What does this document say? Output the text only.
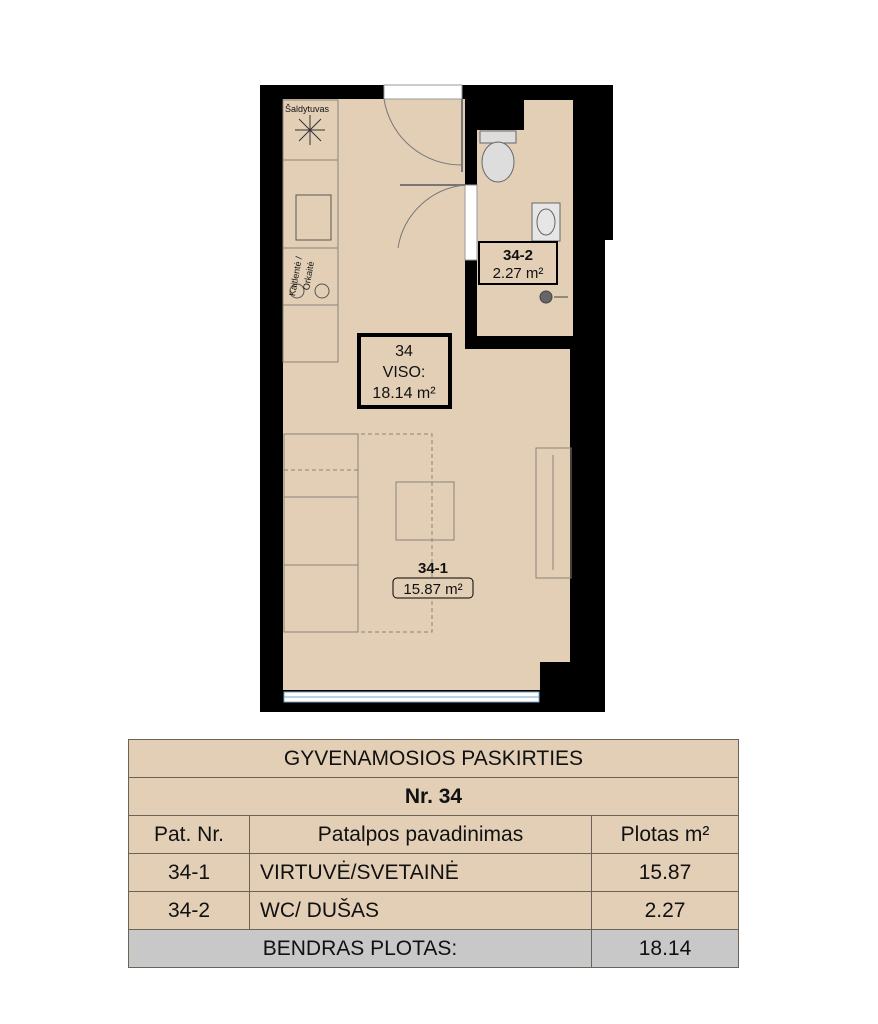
Šaldytuvas
Kaitlentė /
Orkaitė
34-2
2.27 m²
34
VISO:
18.14 m²
34-1
15.87 m²
GYVENAMOSIOS PASKIRTIES		
Nr. 34		
Pat. Nr.	Patalpos pavadinimas	Plotas m²
34-1	VIRTUVĖ/SVETAINĖ	15.87
34-2	WC/ DUŠAS	2.27
BENDRAS PLOTAS:		18.14
